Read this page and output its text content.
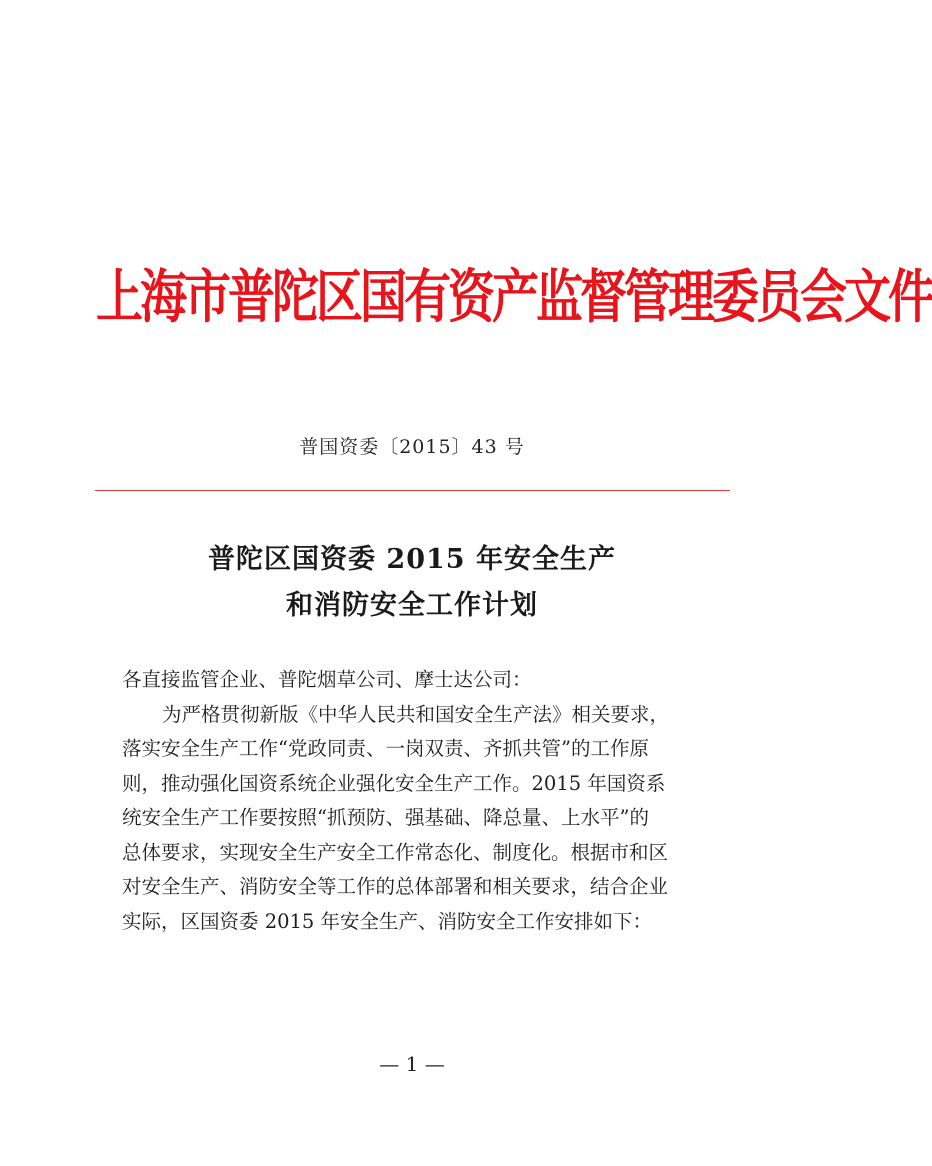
上海市普陀区国有资产监督管理委员会文件
普国资委〔2015〕43 号
普陀区国资委 2015 年安全生产
和消防安全工作计划
各直接监管企业、普陀烟草公司、摩士达公司：
为严格贯彻新版《中华人民共和国安全生产法》相关要求，
落实安全生产工作“党政同责、一岗双责、齐抓共管”的工作原
则，推动强化国资系统企业强化安全生产工作。2015 年国资系
统安全生产工作要按照“抓预防、强基础、降总量、上水平”的
总体要求，实现安全生产安全工作常态化、制度化。根据市和区
对安全生产、消防安全等工作的总体部署和相关要求，结合企业
实际，区国资委 2015 年安全生产、消防安全工作安排如下：
— 1 —
